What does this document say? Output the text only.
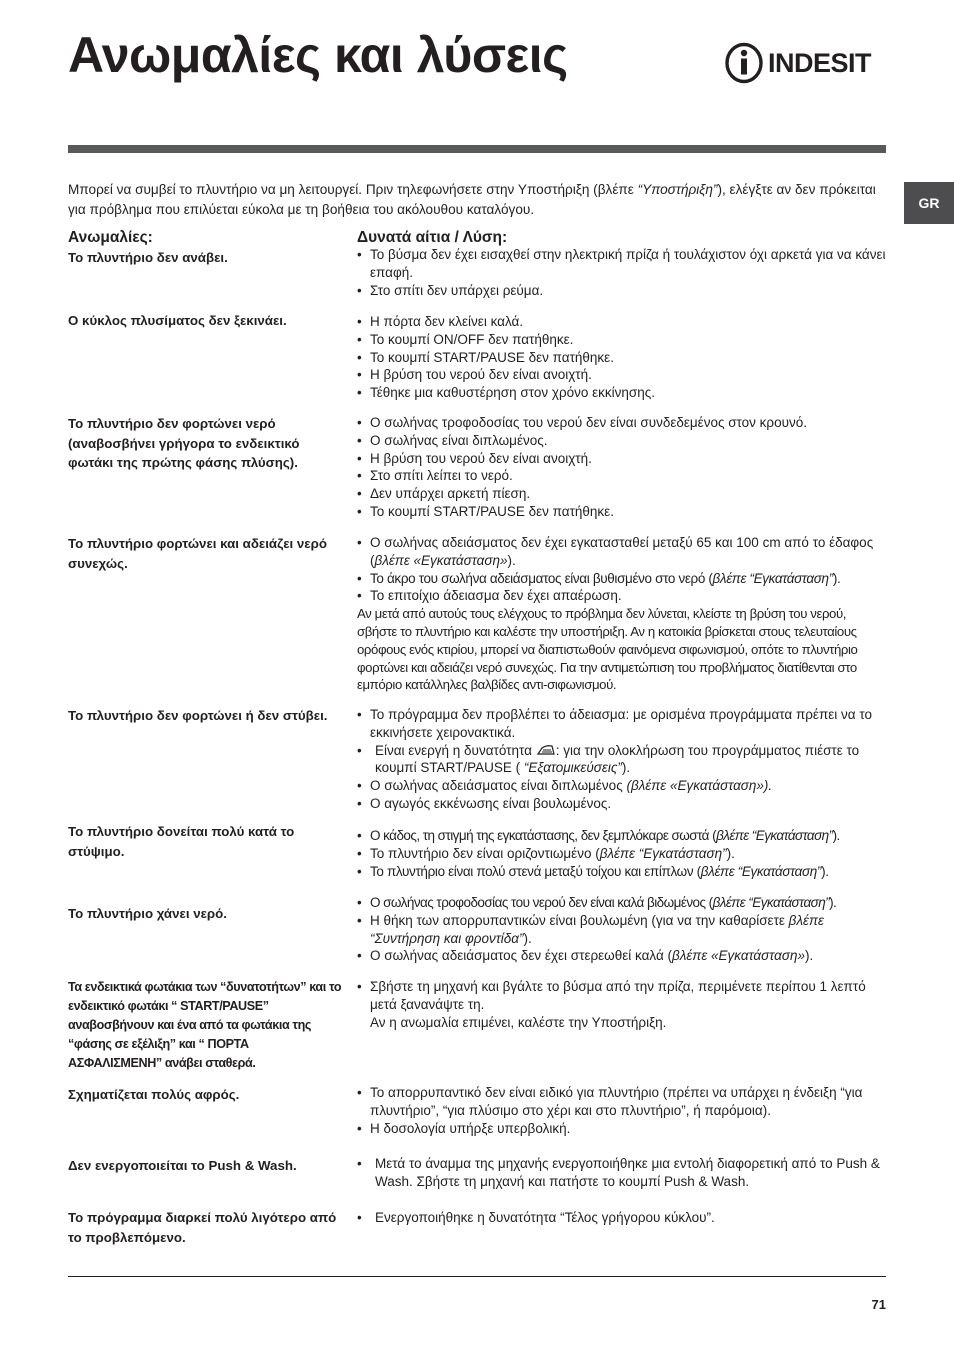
Ανωμαλίες και λύσεις	INDESIT
GR

Μπορεί να συμβεί το πλυντήριο να μη λειτουργεί. Πριν τηλεφωνήσετε στην Υποστήριξη (βλέπε “Υποστήριξη”), ελέγξτε αν δεν πρόκειται για πρόβλημα που επιλύεται εύκολα με τη βοήθεια του ακόλουθου καταλόγου.

Ανωμαλίες:	Δυνατά αίτια / Λύση:
Το πλυντήριο δεν ανάβει.	• Το βύσμα δεν έχει εισαχθεί στην ηλεκτρική πρίζα ή τουλάχιστον όχι αρκετά για να κάνει επαφή.
• Στο σπίτι δεν υπάρχει ρεύμα.
Ο κύκλος πλυσίματος δεν ξεκινάει.	• Η πόρτα δεν κλείνει καλά.
• Το κουμπί ON/OFF δεν πατήθηκε.
• Το κουμπί START/PAUSE δεν πατήθηκε.
• Η βρύση του νερού δεν είναι ανοιχτή.
• Τέθηκε μια καθυστέρηση στον χρόνο εκκίνησης.
Το πλυντήριο δεν φορτώνει νερό (αναβοσβήνει γρήγορα το ενδεικτικό φωτάκι της πρώτης φάσης πλύσης).
• Ο σωλήνας τροφοδοσίας του νερού δεν είναι συνδεδεμένος στον κρουνό.
• Ο σωλήνας είναι διπλωμένος.
• Η βρύση του νερού δεν είναι ανοιχτή.
• Στο σπίτι λείπει το νερό.
• Δεν υπάρχει αρκετή πίεση.
• Το κουμπί START/PAUSE δεν πατήθηκε.
Το πλυντήριο φορτώνει και αδειάζει νερό συνεχώς.
• Ο σωλήνας αδειάσματος δεν έχει εγκατασταθεί μεταξύ 65 και 100 cm από το έδαφος (βλέπε «Εγκατάσταση»).
• Το άκρο του σωλήνα αδειάσματος είναι βυθισμένο στο νερό (βλέπε “Εγκατάσταση”).
• Το επιτοίχιο άδειασμα δεν έχει απαέρωση.
Αν μετά από αυτούς τους ελέγχους το πρόβλημα δεν λύνεται, κλείστε τη βρύση του νερού, σβήστε το πλυντήριο και καλέστε την υποστήριξη. Αν η κατοικία βρίσκεται στους τελευταίους ορόφους ενός κτιρίου, μπορεί να διαπιστωθούν φαινόμενα σιφωνισμού, οπότε το πλυντήριο φορτώνει και αδειάζει νερό συνεχώς. Για την αντιμετώπιση του προβλήματος διατίθενται στο εμπόριο κατάλληλες βαλβίδες αντι-σιφωνισμού.
Το πλυντήριο δεν φορτώνει ή δεν στύβει.	• Το πρόγραμμα δεν προβλέπει το άδειασμα: με ορισμένα προγράμματα πρέπει να το εκκινήσετε χειρονακτικά.
• Είναι ενεργή η δυνατότητα : για την ολοκλήρωση του προγράμματος πιέστε το κουμπί START/PAUSE ( “Εξατομικεύσεις”).
• Ο σωλήνας αδειάσματος είναι διπλωμένος (βλέπε «Εγκατάσταση»).
• Ο αγωγός εκκένωσης είναι βουλωμένος.
Το πλυντήριο δονείται πολύ κατά το στύψιμο.
• Ο κάδος, τη στιγμή της εγκατάστασης, δεν ξεμπλόκαρε σωστά (βλέπε “Εγκατάσταση”).
• Το πλυντήριο δεν είναι οριζοντιωμένο (βλέπε “Εγκατάσταση”).
• Το πλυντήριο είναι πολύ στενά μεταξύ τοίχου και επίπλων (βλέπε “Εγκατάσταση”).
Το πλυντήριο χάνει νερό.
• Ο σωλήνας τροφοδοσίας του νερού δεν είναι καλά βιδωμένος (βλέπε “Εγκατάσταση”).
• Η θήκη των απορρυπαντικών είναι βουλωμένη (για να την καθαρίσετε βλέπε “Συντήρηση και φροντίδα”).
• Ο σωλήνας αδειάσματος δεν έχει στερεωθεί καλά (βλέπε «Εγκατάσταση»).
Τα ενδεικτικά φωτάκια των “δυνατοτήτων” και το ενδεικτικό φωτάκι “ START/PAUSE” αναβοσβήνουν και ένα από τα φωτάκια της “φάσης σε εξέλιξη” και “ ΠΟΡΤΑ ΑΣΦΑΛΙΣΜΕΝΗ” ανάβει σταθερά.
• Σβήστε τη μηχανή και βγάλτε το βύσμα από την πρίζα, περιμένετε περίπου 1 λεπτό μετά ξανανάψτε τη.
Αν η ανωμαλία επιμένει, καλέστε την Υποστήριξη.
Σχηματίζεται πολύς αφρός.	• Το απορρυπαντικό δεν είναι ειδικό για πλυντήριο (πρέπει να υπάρχει η ένδειξη “για πλυντήριο”, “για πλύσιμο στο χέρι και στο πλυντήριο”, ή παρόμοια).
• Η δοσολογία υπήρξε υπερβολική.
Δεν ενεργοποιείται το Push & Wash.	• Μετά το άναμμα της μηχανής ενεργοποιήθηκε μια εντολή διαφορετική από το Push & Wash. Σβήστε τη μηχανή και πατήστε το κουμπί Push & Wash.
Το πρόγραμμα διαρκεί πολύ λιγότερο από το προβλεπόμενο.
• Ενεργοποιήθηκε η δυνατότητα “Τέλος γρήγορου κύκλου”.
71
